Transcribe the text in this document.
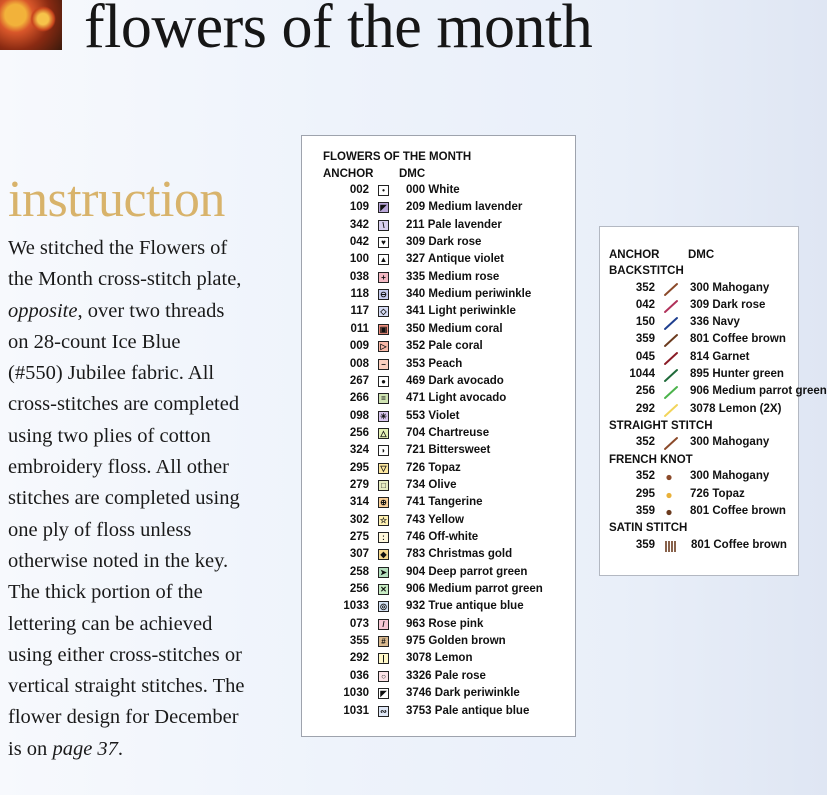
flowers of the month
instruction

We stitched the Flowers of
the Month cross-stitch plate,
opposite, over two threads
on 28-count Ice Blue
(#550) Jubilee fabric. All
cross-stitches are completed
using two plies of cotton
embroidery floss. All other
stitches are completed using
one ply of floss unless
otherwise noted in the key.
The thick portion of the
lettering can be achieved
using either cross-stitches or
vertical straight stitches. The
flower design for December
is on page 37.

FLOWERS OF THE MONTH
ANCHOR DMC
002	•	000 White
109	◤ 209 Medium lavender
342	\	211 Pale lavender
042	♥ 309 Dark rose
100 ▲ 327 Antique violet
038	+ 335 Medium rose
118 ⊖ 340 Medium periwinkle
117	◇ 341 Light periwinkle
011 ▣ 350 Medium coral
009	▷ 352 Pale coral
008	− 353 Peach
267	● 469 Dark avocado
266	= 471 Light avocado
098 ✳ 553 Violet
256	△ 704 Chartreuse
324	◗ 721 Bittersweet
295	▽ 726 Topaz
279	□ 734 Olive
314 ⊕ 741 Tangerine
302 ☆ 743 Yellow
275	:	746 Off-white
307	◆ 783 Christmas gold
258 ➤ 904 Deep parrot green
256 ✕ 906 Medium parrot green
1033 ◎ 932 True antique blue
073	/	963 Rose pink
355	# 975 Golden brown
292	|	3078 Lemon
036	○ 3326 Pale rose
1030	◤ 3746 Dark periwinkle
1031 ∾ 3753 Pale antique blue
ANCHOR DMC
BACKSTITCH
352	300 Mahogany
042	309 Dark rose
150	336 Navy
359	801 Coffee brown
045	814 Garnet
1044	895 Hunter green
256	906 Medium parrot green
292	3078 Lemon (2X)
STRAIGHT STITCH
352	300 Mahogany
FRENCH KNOT
352	300 Mahogany
295	726 Topaz
359	801 Coffee brown
SATIN STITCH
359	801 Coffee brown
